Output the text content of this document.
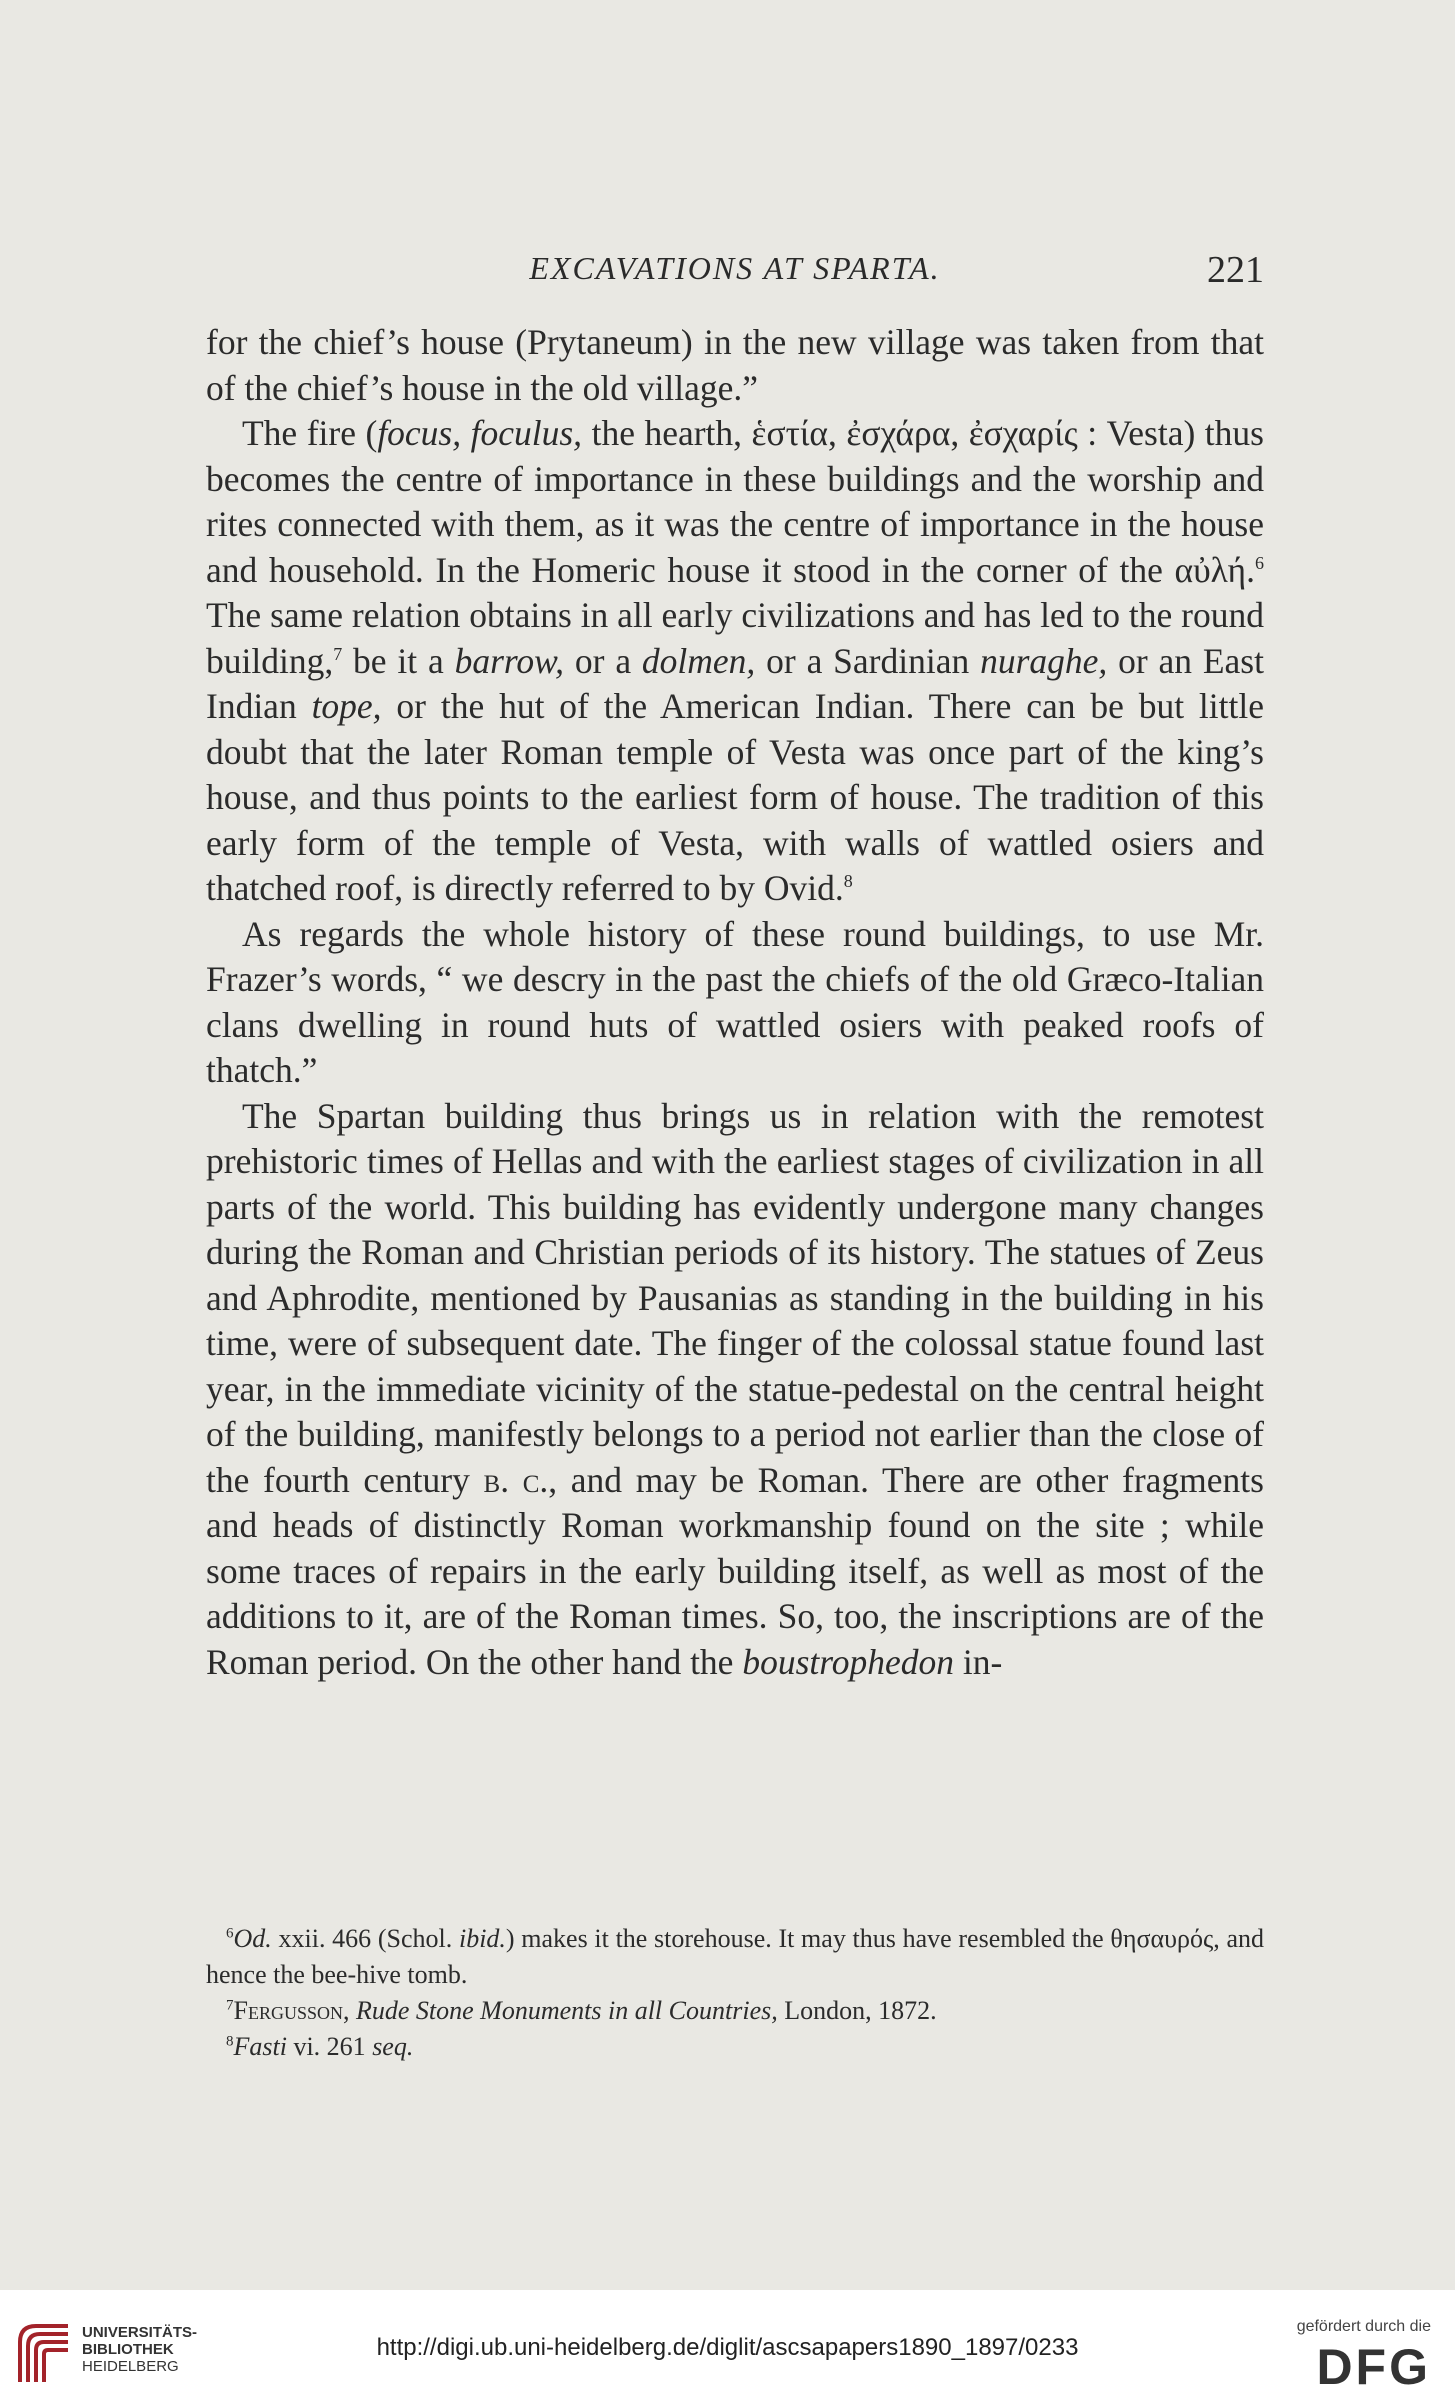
EXCAVATIONS AT SPARTA.	221

for the chief’s house (Prytaneum) in the new village was taken from that of the chief’s house in the old village.”

The fire (focus, foculus, the hearth, ἑστία, ἐσχάρα, ἐσχαρίς : Vesta) thus becomes the centre of importance in these buildings and the worship and rites connected with them, as it was the centre of importance in the house and household. In the Homeric house it stood in the corner of the αὐλή.$^6$ The same relation obtains in all early civilizations and has led to the round building,$^7$ be it a barrow, or a dolmen, or a Sardinian nuraghe, or an East Indian tope, or the hut of the American Indian. There can be but little doubt that the later Roman temple of Vesta was once part of the king’s house, and thus points to the earliest form of house. The tradition of this early form of the temple of Vesta, with walls of wattled osiers and thatched roof, is directly referred to by Ovid.$^8$

As regards the whole history of these round buildings, to use Mr. Frazer’s words, “ we descry in the past the chiefs of the old Græco-Italian clans dwelling in round huts of wattled osiers with peaked roofs of thatch.”

The Spartan building thus brings us in relation with the remotest prehistoric times of Hellas and with the earliest stages of civilization in all parts of the world. This building has evidently undergone many changes during the Roman and Christian periods of its history. The statues of Zeus and Aphrodite, mentioned by Pausanias as standing in the building in his time, were of subsequent date. The finger of the colossal statue found last year, in the immediate vicinity of the statue-pedestal on the central height of the building, manifestly belongs to a period not earlier than the close of the fourth century b. c., and may be Roman. There are other fragments and heads of distinctly Roman workmanship found on the site ; while some traces of repairs in the early building itself, as well as most of the additions to it, are of the Roman times. So, too, the inscriptions are of the Roman period. On the other hand the boustrophedon in-

$^6$Od. xxii. 466 (Schol. ibid.) makes it the storehouse. It may thus have resembled the θησαυρός, and hence the bee-hive tomb.

$^7$Fergusson, Rude Stone Monuments in all Countries, London, 1872.

$^8$Fasti vi. 261 seq.

UNIVERSITÄTS-
BIBLIOTHEK
HEIDELBERG
http://digi.ub.uni-heidelberg.de/diglit/ascsapapers1890_1897/0233
gefördert durch die
DFG
